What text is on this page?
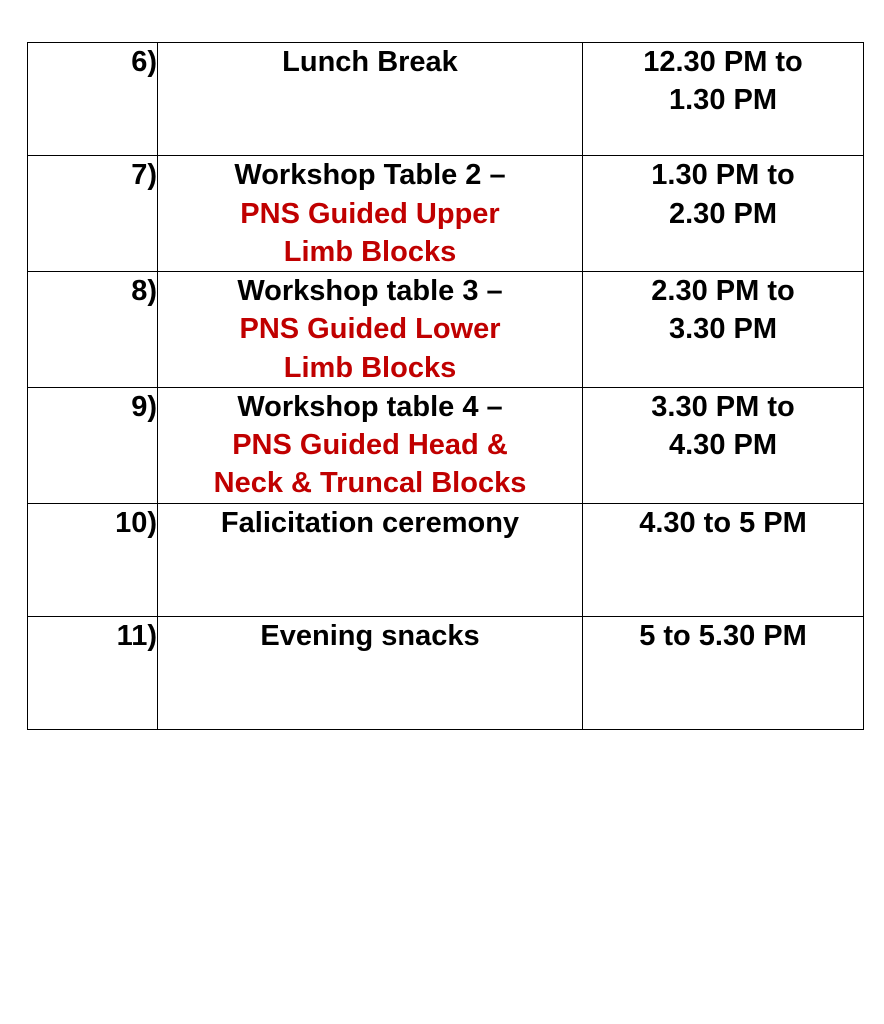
6)	Lunch Break	12.30 PM to
1.30 PM

7)	Workshop Table 2 –
PNS Guided Upper
Limb Blocks	1.30 PM to
2.30 PM

8)	Workshop table 3 –
PNS Guided Lower
Limb Blocks	2.30 PM to
3.30 PM

9)	Workshop table 4 –
PNS Guided Head &
Neck & Truncal Blocks	3.30 PM to
4.30 PM

10)	Falicitation ceremony	4.30 to 5 PM

11)	Evening snacks	5 to 5.30 PM
